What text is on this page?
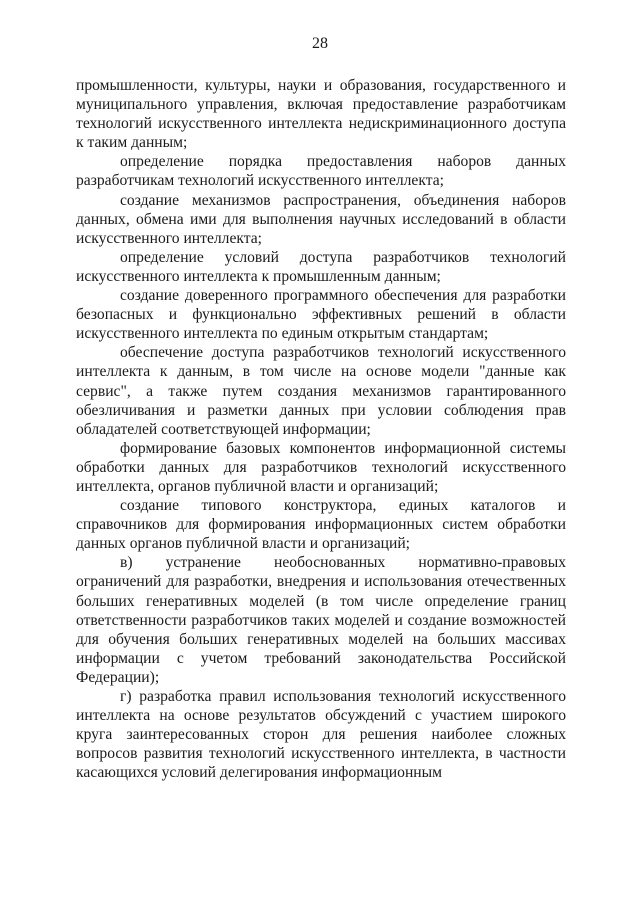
28

промышленности, культуры, науки и образования, государственного и муниципального управления, включая предоставление разработчикам технологий искусственного интеллекта недискриминационного доступа к таким данным;

определение порядка предоставления наборов данных разработчикам технологий искусственного интеллекта;

создание механизмов распространения, объединения наборов данных, обмена ими для выполнения научных исследований в области искусственного интеллекта;

определение условий доступа разработчиков технологий искусственного интеллекта к промышленным данным;

создание доверенного программного обеспечения для разработки безопасных и функционально эффективных решений в области искусственного интеллекта по единым открытым стандартам;

обеспечение доступа разработчиков технологий искусственного интеллекта к данным, в том числе на основе модели "данные как сервис", а также путем создания механизмов гарантированного обезличивания и разметки данных при условии соблюдения прав обладателей соответствующей информации;

формирование базовых компонентов информационной системы обработки данных для разработчиков технологий искусственного интеллекта, органов публичной власти и организаций;

создание типового конструктора, единых каталогов и справочников для формирования информационных систем обработки данных органов публичной власти и организаций;

в) устранение необоснованных нормативно-правовых ограничений для разработки, внедрения и использования отечественных больших генеративных моделей (в том числе определение границ ответственности разработчиков таких моделей и создание возможностей для обучения больших генеративных моделей на больших массивах информации с учетом требований законодательства Российской Федерации);

г) разработка правил использования технологий искусственного интеллекта на основе результатов обсуждений с участием широкого круга заинтересованных сторон для решения наиболее сложных вопросов развития технологий искусственного интеллекта, в частности касающихся условий делегирования информационным
